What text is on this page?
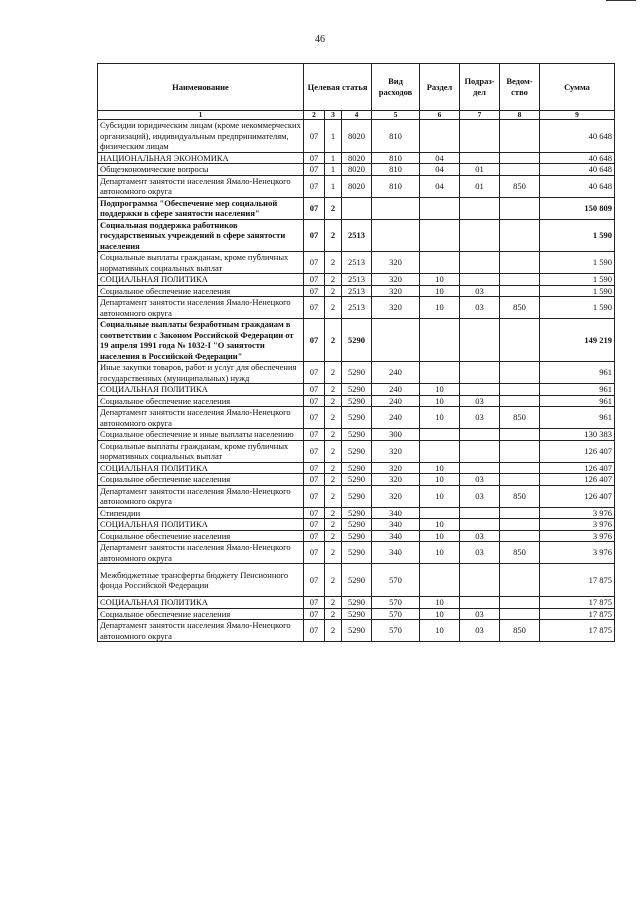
46
Наименование	Целевая статья			Вид расходов	Раздел	Подраз-дел	Ведом-ство	Сумма
1	2	3	4	5	6	7	8	9
Субсидии юридическим лицам (кроме некоммерческих организаций), индивидуальным предпринимателям, физическим лицам	07	1	8020	810				40 648
НАЦИОНАЛЬНАЯ ЭКОНОМИКА	07	1	8020	810	04			40 648
Общеэкономические вопросы	07	1	8020	810	04	01		40 648
Департамент занятости населения Ямало-Ненецкого автономного округа	07	1	8020	810	04	01	850	40 648
Подпрограмма "Обеспечение мер социальной поддержки в сфере занятости населения"	07	2						150 809
Социальная поддержка работников государственных учреждений в сфере занятости населения	07	2	2513					1 590
Социальные выплаты гражданам, кроме публичных нормативных социальных выплат	07	2	2513	320				1 590
СОЦИАЛЬНАЯ ПОЛИТИКА	07	2	2513	320	10			1 590
Социальное обеспечение населения	07	2	2513	320	10	03		1 590
Департамент занятости населения Ямало-Ненецкого автономного округа	07	2	2513	320	10	03	850	1 590
Социальные выплаты безработным гражданам в соответствии с Законом Российской Федерации от 19 апреля 1991 года № 1032-I "О занятости населения в Российской Федерации"	07	2	5290					149 219
Иные закупки товаров, работ и услуг для обеспечения государственных (муниципальных) нужд	07	2	5290	240				961
СОЦИАЛЬНАЯ ПОЛИТИКА	07	2	5290	240	10			961
Социальное обеспечение населения	07	2	5290	240	10	03		961
Департамент занятости населения Ямало-Ненецкого автономного округа	07	2	5290	240	10	03	850	961
Социальное обеспечение и иные выплаты населению	07	2	5290	300				130 383
Социальные выплаты гражданам, кроме публичных нормативных социальных выплат	07	2	5290	320				126 407
СОЦИАЛЬНАЯ ПОЛИТИКА	07	2	5290	320	10			126 407
Социальное обеспечение населения	07	2	5290	320	10	03		126 407
Департамент занятости населения Ямало-Ненецкого автономного округа	07	2	5290	320	10	03	850	126 407
Стипендии	07	2	5290	340				3 976
СОЦИАЛЬНАЯ ПОЛИТИКА	07	2	5290	340	10			3 976
Социальное обеспечение населения	07	2	5290	340	10	03		3 976
Департамент занятости населения Ямало-Ненецкого автономного округа	07	2	5290	340	10	03	850	3 976
Межбюджетные трансферты бюджету Пенсионного фонда Российской Федерации	07	2	5290	570				17 875
СОЦИАЛЬНАЯ ПОЛИТИКА	07	2	5290	570	10			17 875
Социальное обеспечение населения	07	2	5290	570	10	03		17 875
Департамент занятости населения Ямало-Ненецкого автономного округа	07	2	5290	570	10	03	850	17 875
